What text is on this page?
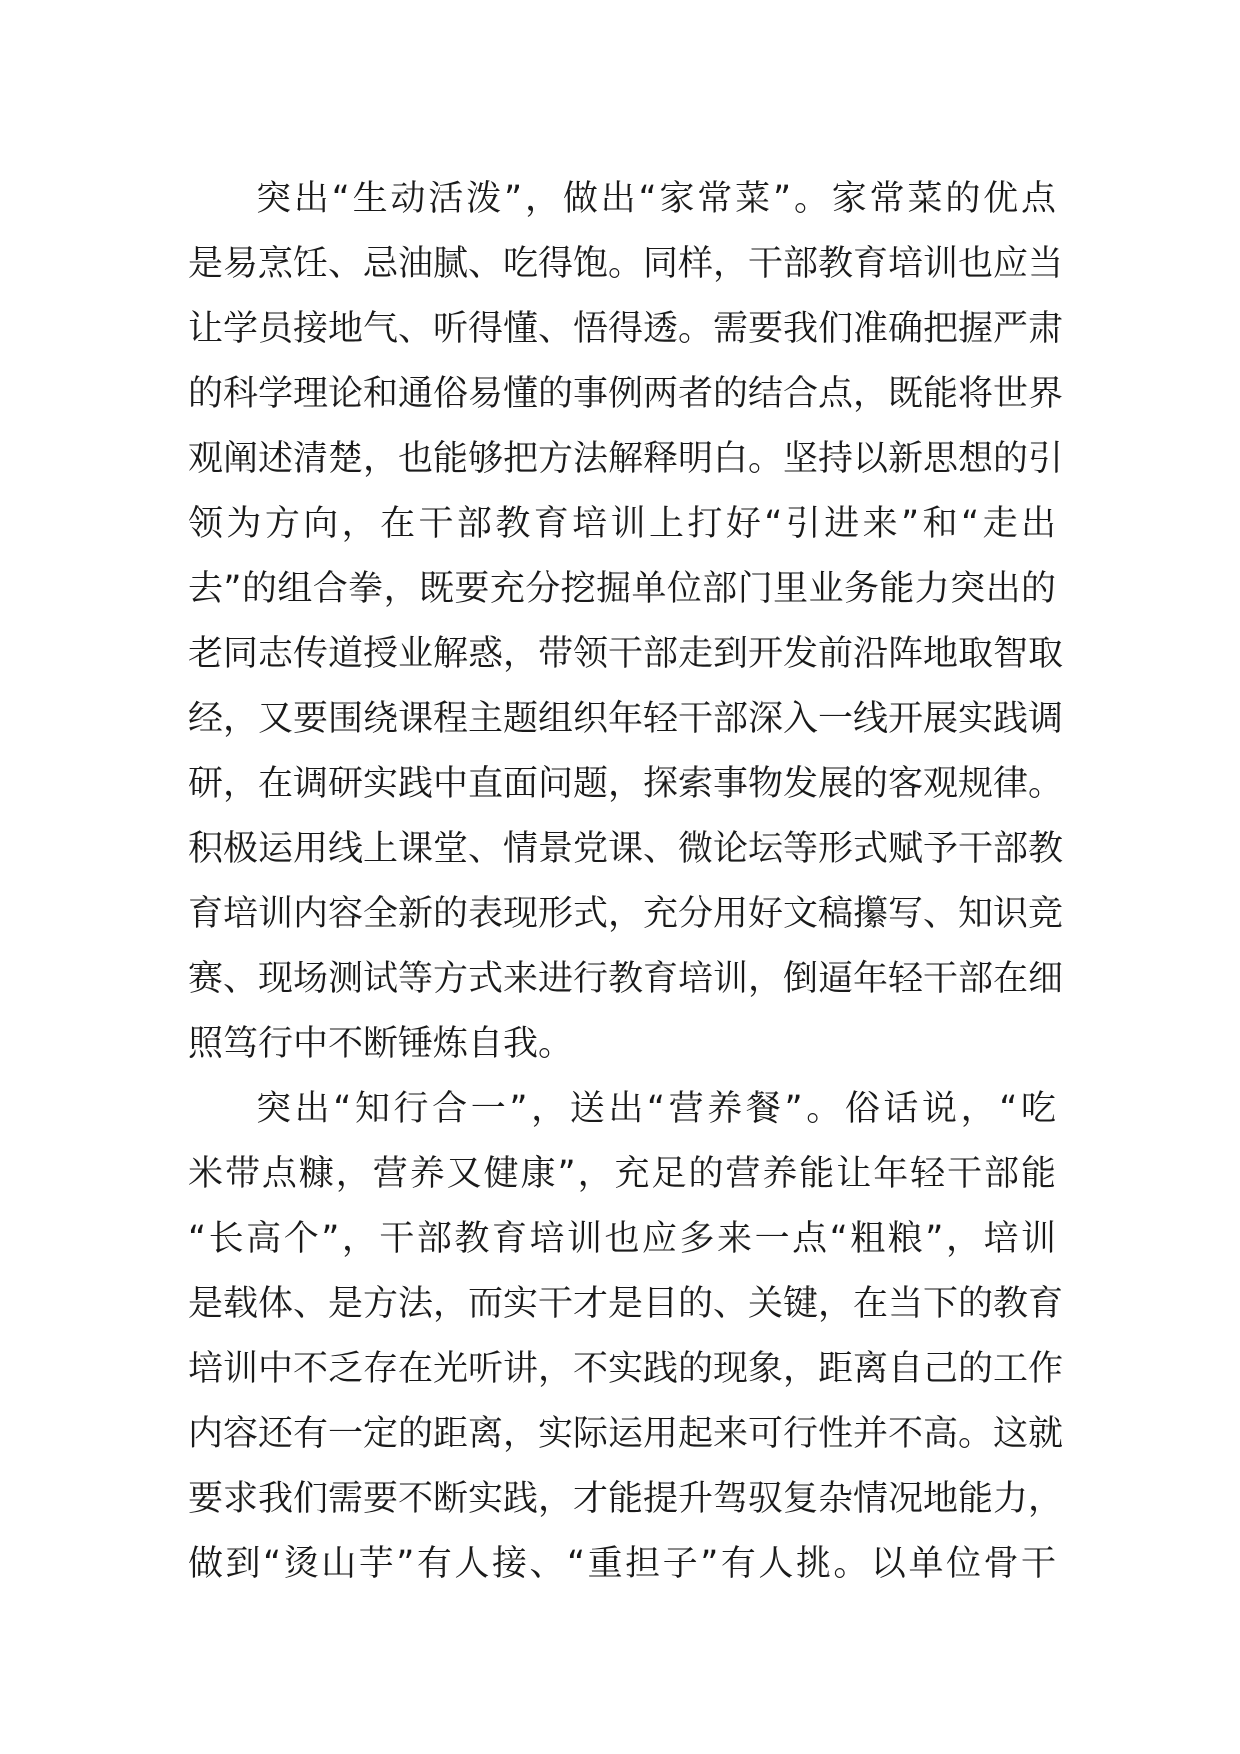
突出“生动活泼”，做出“家常菜”。家常菜的优点
是易烹饪、忌油腻、吃得饱。同样，干部教育培训也应当
让学员接地气、听得懂、悟得透。需要我们准确把握严肃
的科学理论和通俗易懂的事例两者的结合点，既能将世界
观阐述清楚，也能够把方法解释明白。坚持以新思想的引
领为方向，在干部教育培训上打好“引进来”和“走出
去”的组合拳，既要充分挖掘单位部门里业务能力突出的
老同志传道授业解惑，带领干部走到开发前沿阵地取智取
经，又要围绕课程主题组织年轻干部深入一线开展实践调
研，在调研实践中直面问题，探索事物发展的客观规律。
积极运用线上课堂、情景党课、微论坛等形式赋予干部教
育培训内容全新的表现形式，充分用好文稿攥写、知识竞
赛、现场测试等方式来进行教育培训，倒逼年轻干部在细
照笃行中不断锤炼自我。
突出“知行合一”，送出“营养餐”。俗话说，“吃
米带点糠，营养又健康”，充足的营养能让年轻干部能
“长高个”，干部教育培训也应多来一点“粗粮”，培训
是载体、是方法，而实干才是目的、关键，在当下的教育
培训中不乏存在光听讲，不实践的现象，距离自己的工作
内容还有一定的距离，实际运用起来可行性并不高。这就
要求我们需要不断实践，才能提升驾驭复杂情况地能力，
做到“烫山芋”有人接、“重担子”有人挑。以单位骨干
